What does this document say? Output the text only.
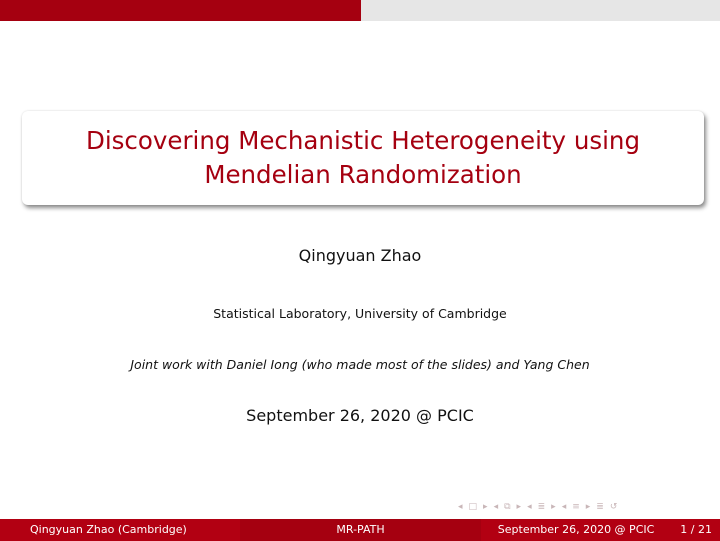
Discovering Mechanistic Heterogeneity using Mendelian Randomization
Qingyuan Zhao
Statistical Laboratory, University of Cambridge
Joint work with Daniel Iong (who made most of the slides) and Yang Chen
September 26, 2020 @ PCIC
◂ □ ▸ ◂ ⧉ ▸ ◂ ≣ ▸ ◂ ≡ ▸ ≣ ↺
Qingyuan Zhao (Cambridge)	MR-PATH	September 26, 2020 @ PCIC 1 / 21
